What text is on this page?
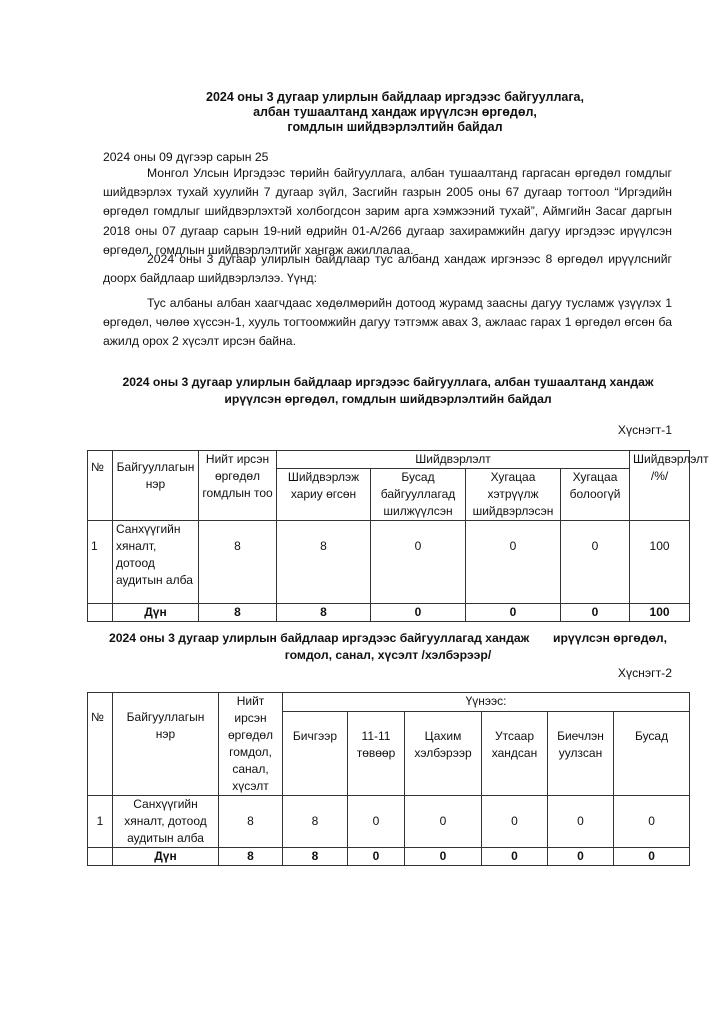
2024 оны 3 дугаар улирлын байдлаар иргэдээс байгууллага,
албан тушаалтанд хандаж ирүүлсэн өргөдөл,
гомдлын шийдвэрлэлтийн байдал
2024 оны 09 дүгээр сарын 25
Монгол Улсын Иргэдээс төрийн байгууллага, албан тушаалтанд гаргасан өргөдөл гомдлыг шийдвэрлэх тухай хуулийн 7 дугаар зүйл, Засгийн газрын 2005 оны 67 дугаар тогтоол “Иргэдийн өргөдөл гомдлыг шийдвэрлэхтэй холбогдсон зарим арга хэмжээний тухай”, Аймгийн Засаг даргын 2018 оны 07 дугаар сарын 19-ний өдрийн 01-А/266 дугаар захирамжийн дагуу иргэдээс ирүүлсэн өргөдөл, гомдлын шийдвэрлэлтийг хангаж ажиллалаа.
2024 оны 3 дугаар улирлын байдлаар тус албанд хандаж иргэнээс 8 өргөдөл ирүүлснийг доорх байдлаар шийдвэрлэлээ. Үүнд:
Тус албаны албан хаагчдаас хөдөлмөрийн дотоод журамд заасны дагуу тусламж үзүүлэх 1 өргөдөл, чөлөө хүссэн-1, хууль тогтоомжийн дагуу тэтгэмж авах 3, ажлаас гарах 1 өргөдөл өгсөн ба ажилд орох 2 хүсэлт ирсэн байна.
2024 оны 3 дугаар улирлын байдлаар иргэдээс байгууллага, албан тушаалтанд хандаж
ирүүлсэн өргөдөл, гомдлын шийдвэрлэлтийн байдал
Хүснэгт-1
№	Байгууллагын нэр	Нийт ирсэн өргөдөл гомдлын тоо	Шийдвэрлэлт				Шийдвэрлэлт /%/
			Шийдвэрлэж хариу өгсөн	Бусад байгууллагад шилжүүлсэн	Хугацаа хэтрүүлж шийдвэрлэсэн	Хугацаа болоогүй	
1	Санхүүгийн хяналт, дотоод аудитын алба	8	8	0	0	0	100
	Дүн	8	8	0	0	0	100
2024 оны 3 дугаар улирлын байдлаар иргэдээс байгууллагад хандаж       ирүүлсэн өргөдөл,
гомдол, санал, хүсэлт /хэлбэрээр/
Хүснэгт-2
№	Байгууллагын нэр	Нийт ирсэн өргөдөл гомдол, санал, хүсэлт	Үүнээс:					
			Бичгээр	11-11 төвөөр	Цахим хэлбэрээр	Утсаар хандсан	Биечлэн уулзсан	Бусад
1	Санхүүгийн хяналт, дотоод аудитын алба	8	8	0	0	0	0	0
	Дүн	8	8	0	0	0	0	0
